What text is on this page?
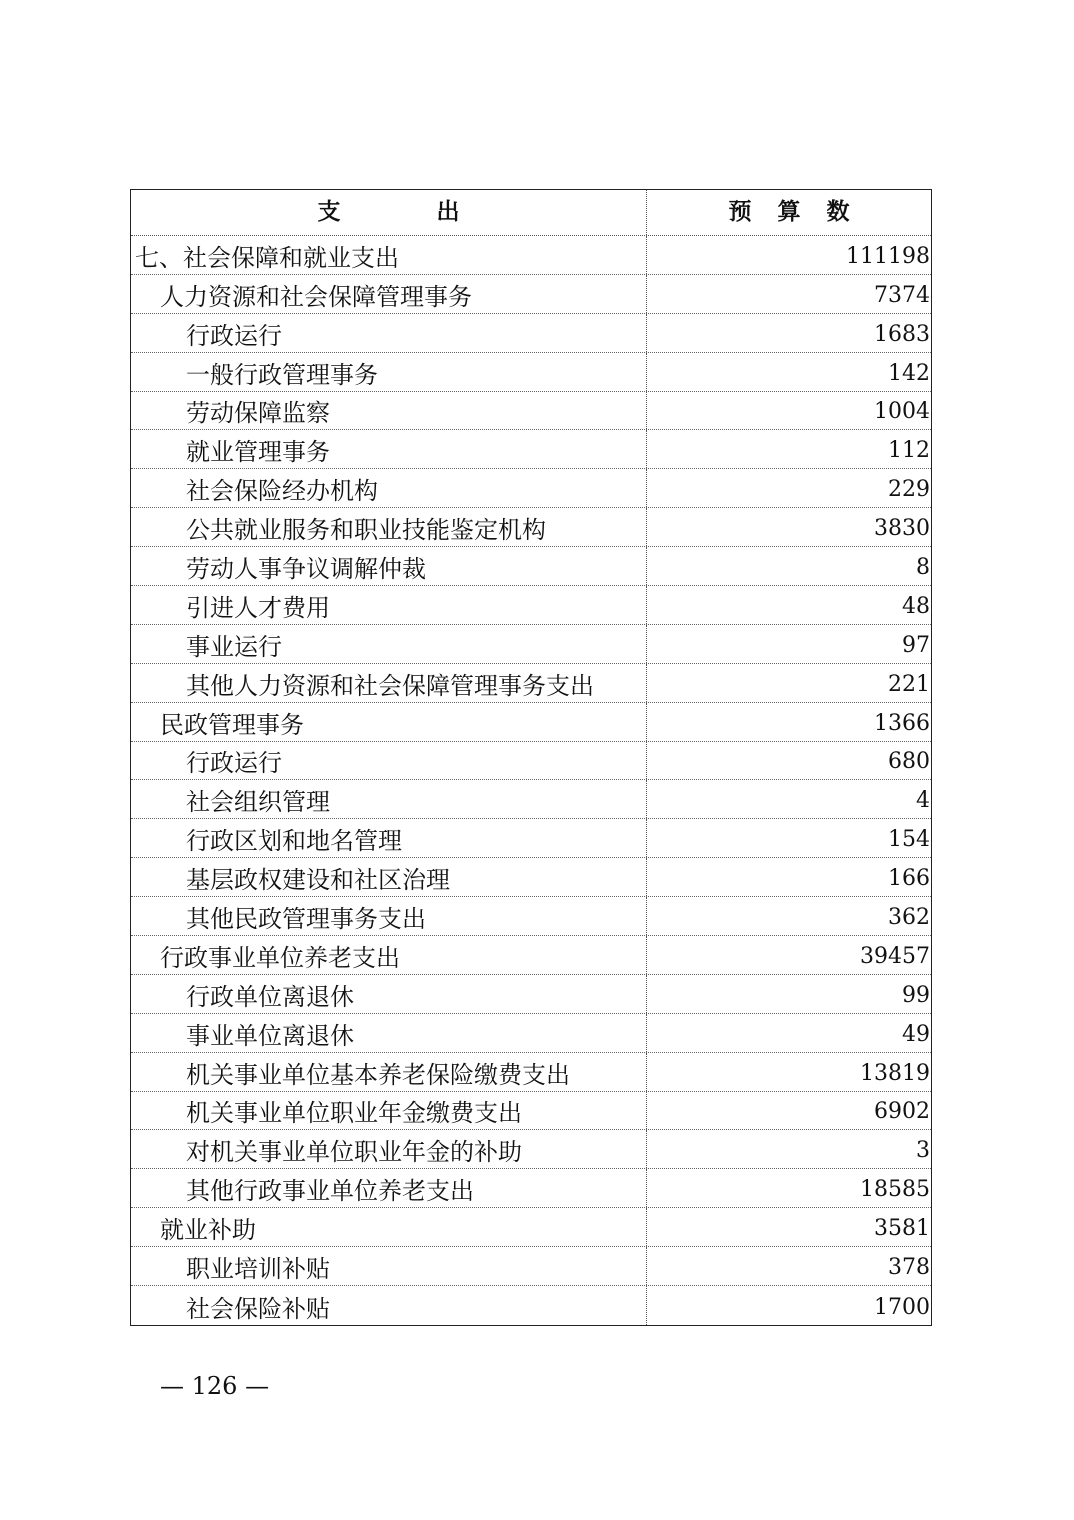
支出	预算数
七、社会保障和就业支出	111198
人力资源和社会保障管理事务	7374
行政运行	1683
一般行政管理事务	142
劳动保障监察	1004
就业管理事务	112
社会保险经办机构	229
公共就业服务和职业技能鉴定机构	3830
劳动人事争议调解仲裁	8
引进人才费用	48
事业运行	97
其他人力资源和社会保障管理事务支出	221
民政管理事务	1366
行政运行	680
社会组织管理	4
行政区划和地名管理	154
基层政权建设和社区治理	166
其他民政管理事务支出	362
行政事业单位养老支出	39457
行政单位离退休	99
事业单位离退休	49
机关事业单位基本养老保险缴费支出	13819
机关事业单位职业年金缴费支出	6902
对机关事业单位职业年金的补助	3
其他行政事业单位养老支出	18585
就业补助	3581
职业培训补贴	378
社会保险补贴	1700
— 126 —
